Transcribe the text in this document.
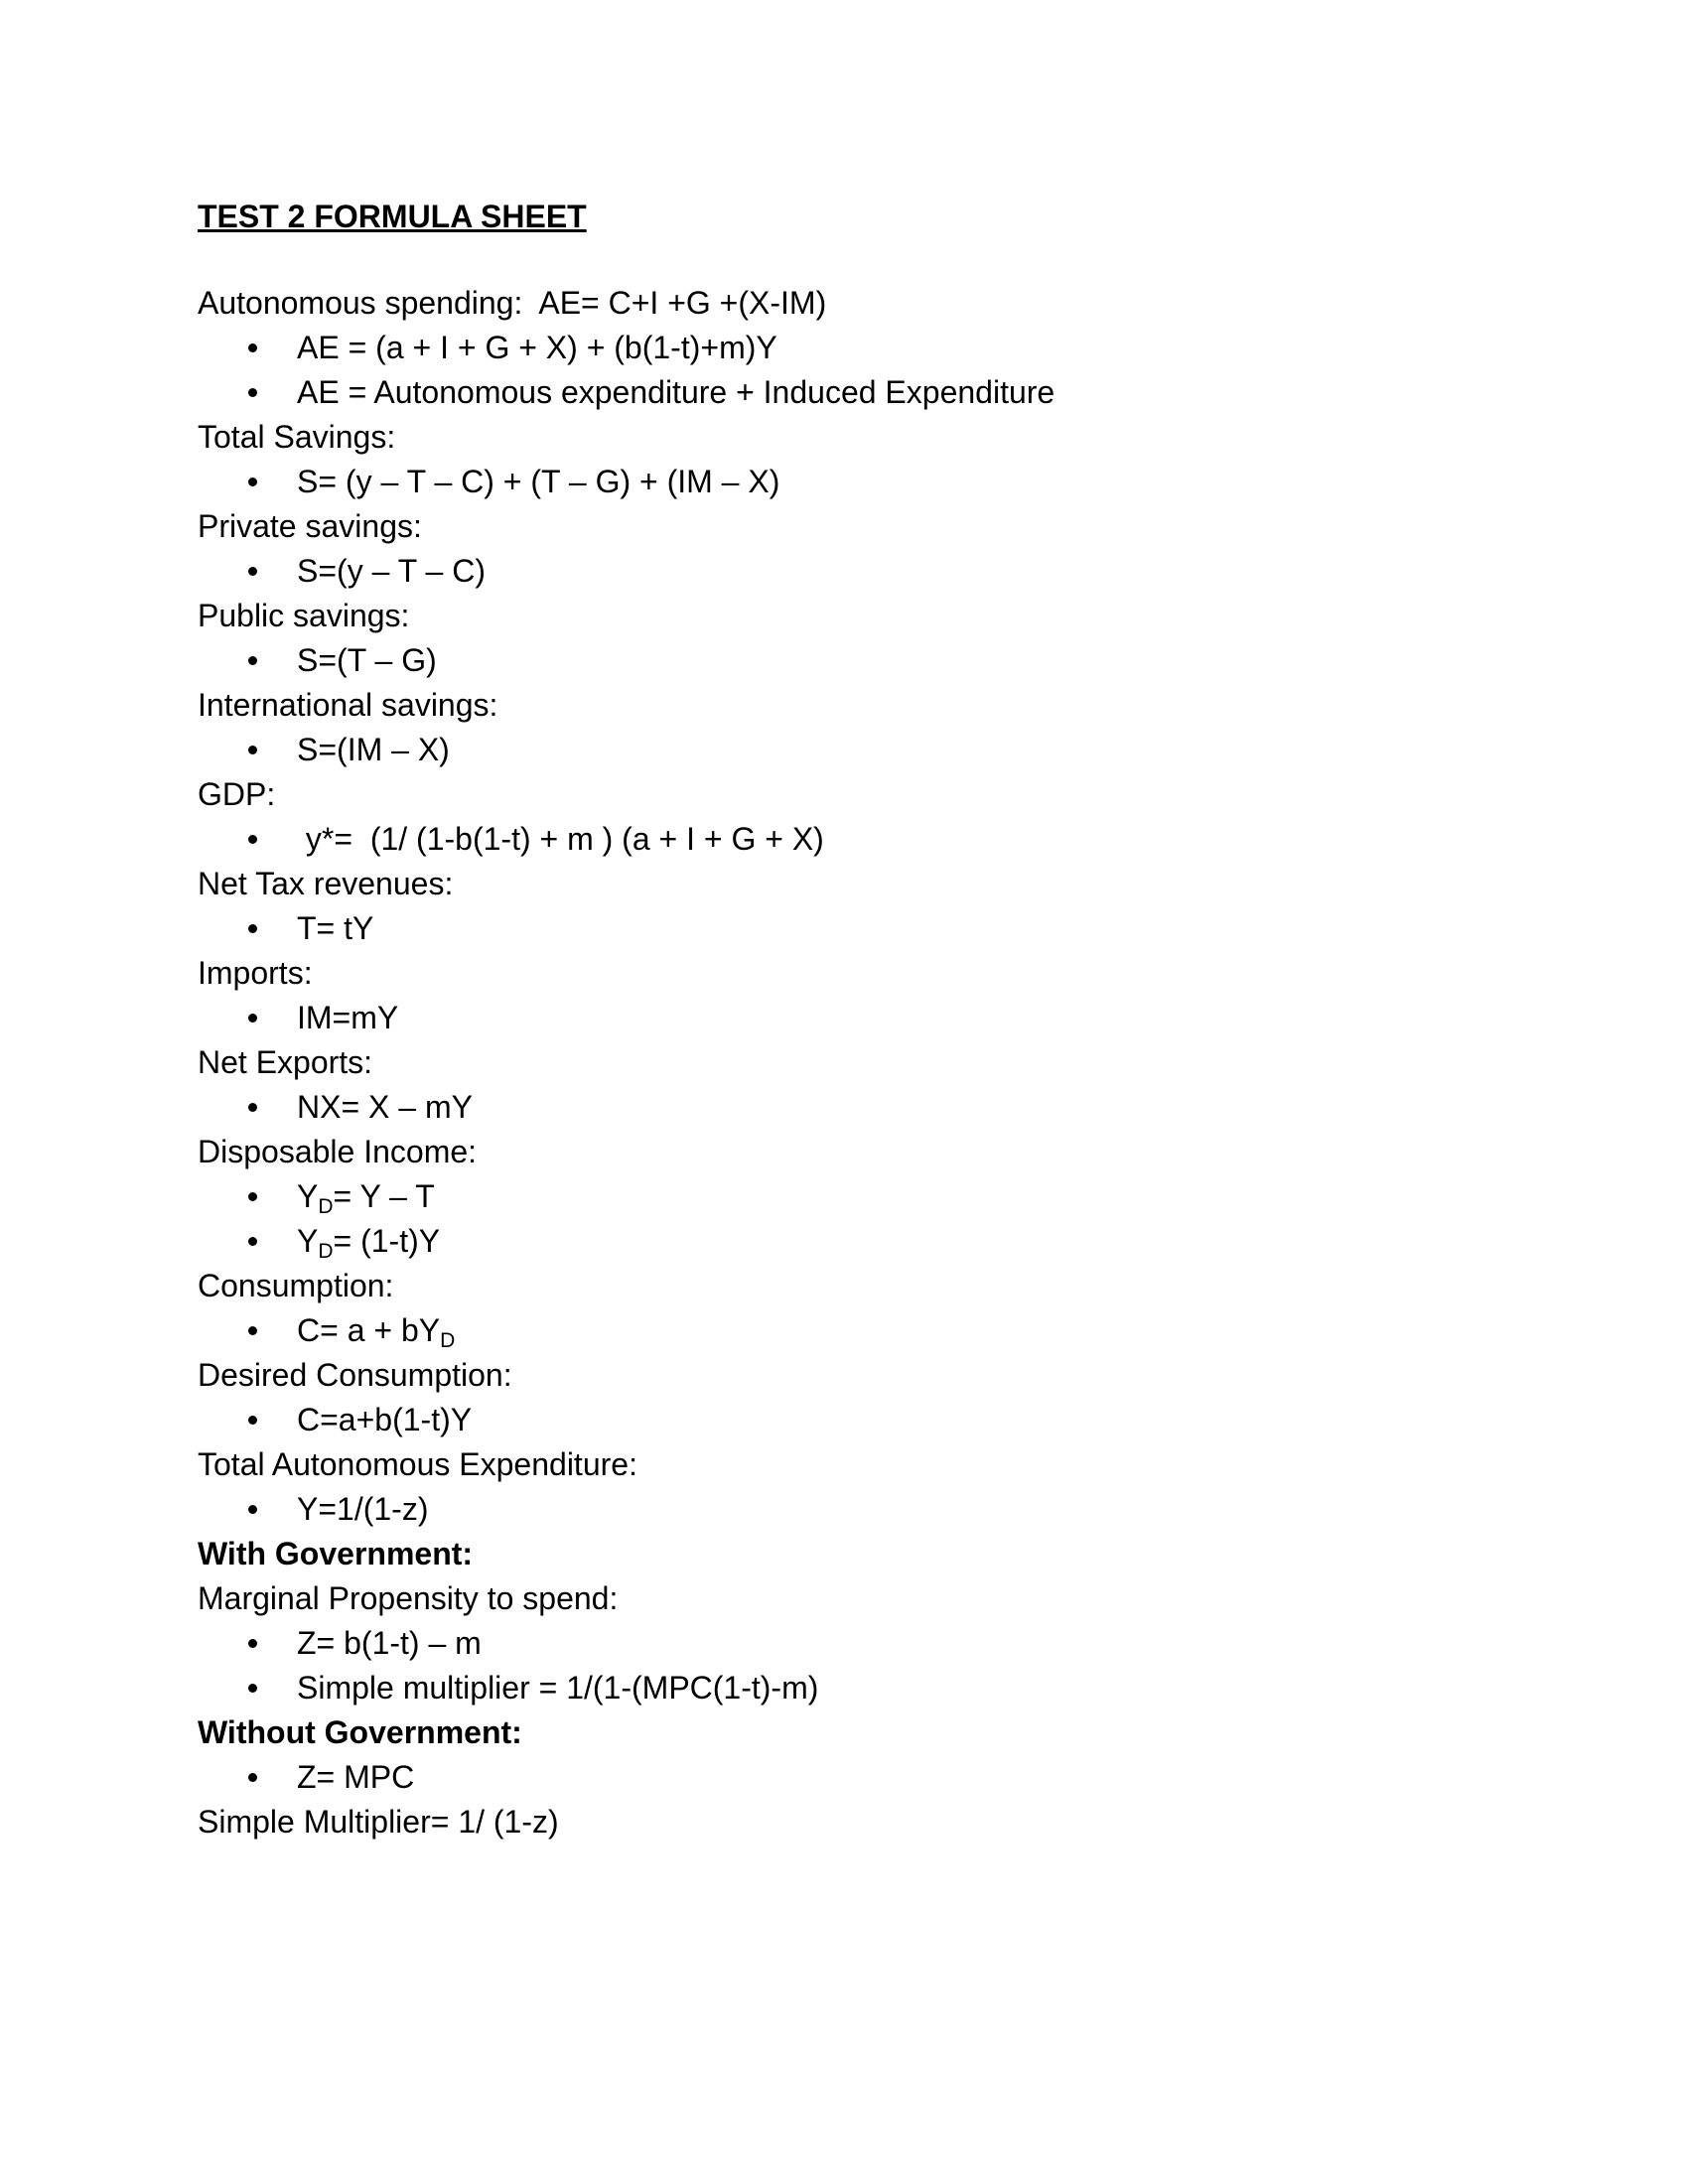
TEST 2 FORMULA SHEET
Autonomous spending:  AE= C+I +G +(X-IM)
AE = (a + I + G + X) + (b(1-t)+m)Y
AE = Autonomous expenditure + Induced Expenditure
Total Savings:
S= (y – T – C) + (T – G) + (IM – X)
Private savings:
S=(y – T – C)
Public savings:
S=(T – G)
International savings:
S=(IM – X)
GDP:
y*=  (1/ (1-b(1-t) + m ) (a + I + G + X)
Net Tax revenues:
T= tY
Imports:
IM=mY
Net Exports:
NX= X – mY
Disposable Income:
$Y_D= Y - T$
$Y_D= (1-t)Y$
Consumption:
$C= a + bY_D$
Desired Consumption:
C=a+b(1-t)Y
Total Autonomous Expenditure:
Y=1/(1-z)
With Government:
Marginal Propensity to spend:
Z= b(1-t) – m
Simple multiplier = 1/(1-(MPC(1-t)-m)
Without Government:
Z= MPC
Simple Multiplier= 1/ (1-z)
